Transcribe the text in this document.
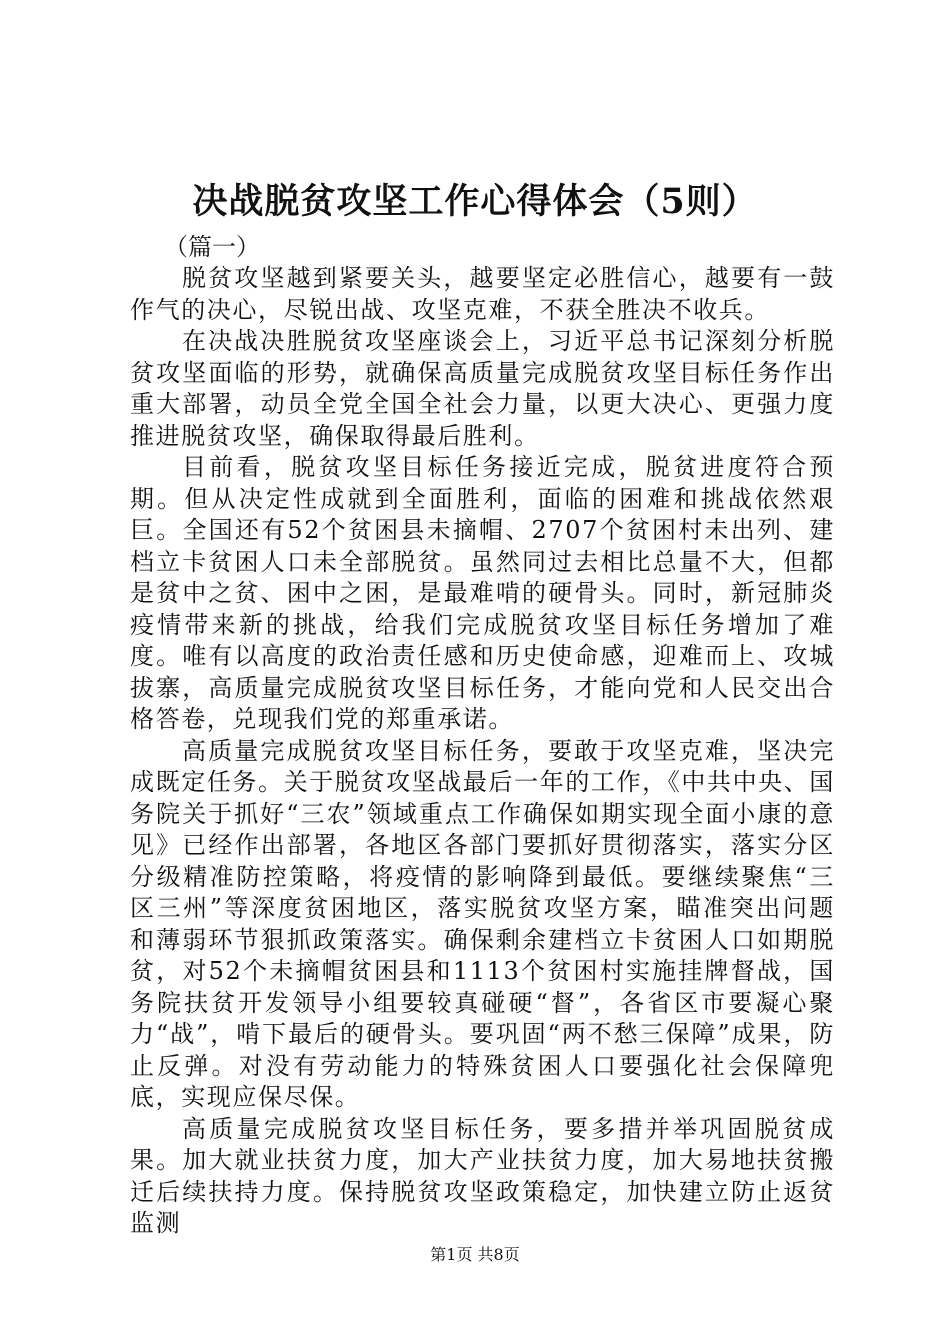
决战脱贫攻坚工作心得体会（5则）

（篇一）

脱贫攻坚越到紧要关头，越要坚定必胜信心，越要有一鼓作气的决心，尽锐出战、攻坚克难，不获全胜决不收兵。

在决战决胜脱贫攻坚座谈会上，习近平总书记深刻分析脱贫攻坚面临的形势，就确保高质量完成脱贫攻坚目标任务作出重大部署，动员全党全国全社会力量，以更大决心、更强力度推进脱贫攻坚，确保取得最后胜利。

目前看，脱贫攻坚目标任务接近完成，脱贫进度符合预期。但从决定性成就到全面胜利，面临的困难和挑战依然艰巨。全国还有52个贫困县未摘帽、2707个贫困村未出列、建档立卡贫困人口未全部脱贫。虽然同过去相比总量不大，但都是贫中之贫、困中之困，是最难啃的硬骨头。同时，新冠肺炎疫情带来新的挑战，给我们完成脱贫攻坚目标任务增加了难度。唯有以高度的政治责任感和历史使命感，迎难而上、攻城拔寨，高质量完成脱贫攻坚目标任务，才能向党和人民交出合格答卷，兑现我们党的郑重承诺。

高质量完成脱贫攻坚目标任务，要敢于攻坚克难，坚决完成既定任务。关于脱贫攻坚战最后一年的工作，《中共中央、国务院关于抓好“三农”领域重点工作确保如期实现全面小康的意见》已经作出部署，各地区各部门要抓好贯彻落实，落实分区分级精准防控策略，将疫情的影响降到最低。要继续聚焦“三区三州”等深度贫困地区，落实脱贫攻坚方案，瞄准突出问题和薄弱环节狠抓政策落实。确保剩余建档立卡贫困人口如期脱贫，对52个未摘帽贫困县和1113个贫困村实施挂牌督战，国务院扶贫开发领导小组要较真碰硬“督”，各省区市要凝心聚力“战”，啃下最后的硬骨头。要巩固“两不愁三保障”成果，防止反弹。对没有劳动能力的特殊贫困人口要强化社会保障兜底，实现应保尽保。

高质量完成脱贫攻坚目标任务，要多措并举巩固脱贫成果。加大就业扶贫力度，加大产业扶贫力度，加大易地扶贫搬迁后续扶持力度。保持脱贫攻坚政策稳定，加快建立防止返贫监测

第1页 共8页
